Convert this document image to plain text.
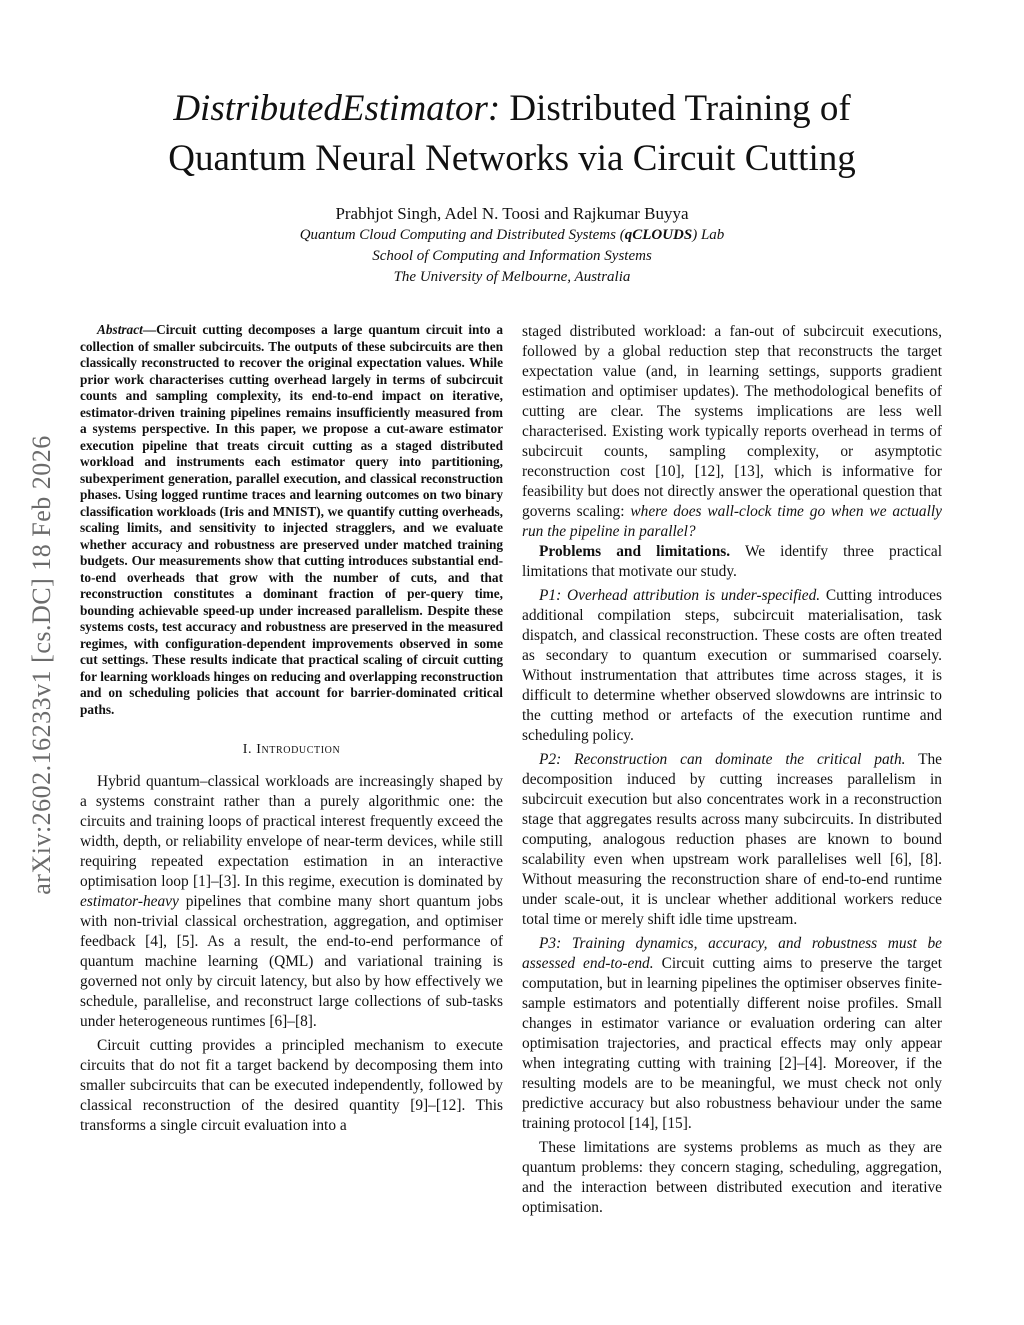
arXiv:2602.16233v1 [cs.DC] 18 Feb 2026
DistributedEstimator: Distributed Training of
Quantum Neural Networks via Circuit Cutting
Prabhjot Singh, Adel N. Toosi and Rajkumar Buyya
Quantum Cloud Computing and Distributed Systems (qCLOUDS) Lab
School of Computing and Information Systems
The University of Melbourne, Australia

Abstract—Circuit cutting decomposes a large quantum circuit into a collection of smaller subcircuits. The outputs of these subcircuits are then classically reconstructed to recover the original expectation values. While prior work characterises cutting overhead largely in terms of subcircuit counts and sampling complexity, its end-to-end impact on iterative, estimator-driven training pipelines remains insufficiently measured from a systems perspective. In this paper, we propose a cut-aware estimator execution pipeline that treats circuit cutting as a staged distributed workload and instruments each estimator query into partitioning, subexperiment generation, parallel execution, and classical reconstruction phases. Using logged runtime traces and learning outcomes on two binary classification workloads (Iris and MNIST), we quantify cutting overheads, scaling limits, and sensitivity to injected stragglers, and we evaluate whether accuracy and robustness are preserved under matched training budgets. Our measurements show that cutting introduces substantial end-to-end overheads that grow with the number of cuts, and that reconstruction constitutes a dominant fraction of per-query time, bounding achievable speed-up under increased parallelism. Despite these systems costs, test accuracy and robustness are preserved in the measured regimes, with configuration-dependent improvements observed in some cut settings. These results indicate that practical scaling of circuit cutting for learning workloads hinges on reducing and overlapping reconstruction and on scheduling policies that account for barrier-dominated critical paths.

I. Introduction

Hybrid quantum–classical workloads are increasingly shaped by a systems constraint rather than a purely algorithmic one: the circuits and training loops of practical interest frequently exceed the width, depth, or reliability envelope of near-term devices, while still requiring repeated expectation estimation in an interactive optimisation loop [1]–[3]. In this regime, execution is dominated by estimator-heavy pipelines that combine many short quantum jobs with non-trivial classical orchestration, aggregation, and optimiser feedback [4], [5]. As a result, the end-to-end performance of quantum machine learning (QML) and variational training is governed not only by circuit latency, but also by how effectively we schedule, parallelise, and reconstruct large collections of sub-tasks under heterogeneous runtimes [6]–[8].

Circuit cutting provides a principled mechanism to execute circuits that do not fit a target backend by decomposing them into smaller subcircuits that can be executed independently, followed by classical reconstruction of the desired quantity [9]–[12]. This transforms a single circuit evaluation into a

staged distributed workload: a fan-out of subcircuit executions, followed by a global reduction step that reconstructs the target expectation value (and, in learning settings, supports gradient estimation and optimiser updates). The methodological benefits of cutting are clear. The systems implications are less well characterised. Existing work typically reports overhead in terms of subcircuit counts, sampling complexity, or asymptotic reconstruction cost [10], [12], [13], which is informative for feasibility but does not directly answer the operational question that governs scaling: where does wall-clock time go when we actually run the pipeline in parallel?

Problems and limitations. We identify three practical limitations that motivate our study.

P1: Overhead attribution is under-specified. Cutting introduces additional compilation steps, subcircuit materialisation, task dispatch, and classical reconstruction. These costs are often treated as secondary to quantum execution or summarised coarsely. Without instrumentation that attributes time across stages, it is difficult to determine whether observed slowdowns are intrinsic to the cutting method or artefacts of the execution runtime and scheduling policy.

P2: Reconstruction can dominate the critical path. The decomposition induced by cutting increases parallelism in subcircuit execution but also concentrates work in a reconstruction stage that aggregates results across many subcircuits. In distributed computing, analogous reduction phases are known to bound scalability even when upstream work parallelises well [6], [8]. Without measuring the reconstruction share of end-to-end runtime under scale-out, it is unclear whether additional workers reduce total time or merely shift idle time upstream.

P3: Training dynamics, accuracy, and robustness must be assessed end-to-end. Circuit cutting aims to preserve the target computation, but in learning pipelines the optimiser observes finite-sample estimators and potentially different noise profiles. Small changes in estimator variance or evaluation ordering can alter optimisation trajectories, and practical effects may only appear when integrating cutting with training [2]–[4]. Moreover, if the resulting models are to be meaningful, we must check not only predictive accuracy but also robustness behaviour under the same training protocol [14], [15].

These limitations are systems problems as much as they are quantum problems: they concern staging, scheduling, aggregation, and the interaction between distributed execution and iterative optimisation.
